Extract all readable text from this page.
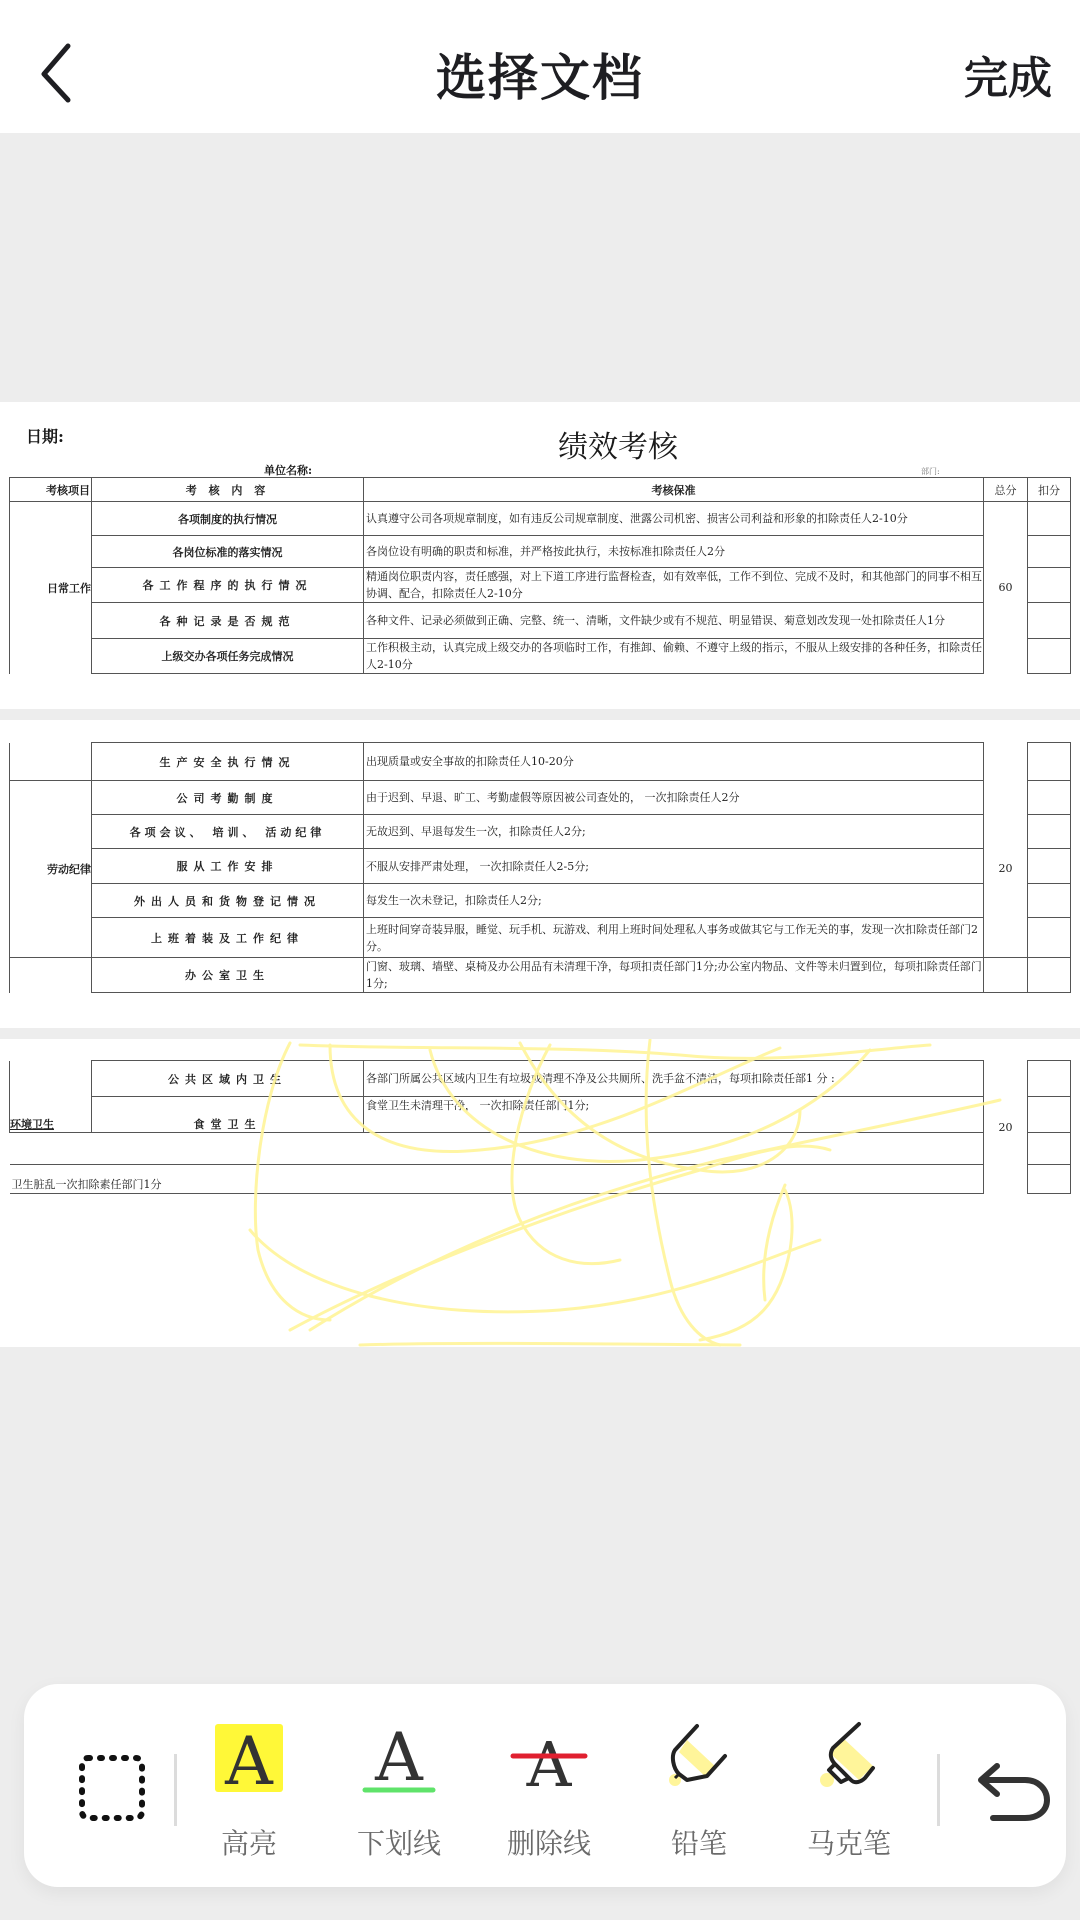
选择文档	完成
日期:	绩效考核
单位名称:	部门:
考核项目	考 核 内 容	考核保准	总分	扣分
日常工作	各项制度的执行情况	认真遵守公司各项规章制度，如有违反公司规章制度、泄露公司机密、损害公司利益和形象的扣除责任人2-10分	60	
	各岗位标准的落实情况	各岗位设有明确的职责和标准，并严格按此执行，未按标准扣除责任人2分		
	各工作程序的执行情况	精通岗位职责内容，责任感强，对上下道工序进行监督检查，如有效率低，工作不到位、完成不及时，和其他部门的同事不相互协调、配合，扣除责任人2-10分		
	各种记录是否规范	各种文件、记录必须做到正确、完整、统一、清晰，文件缺少或有不规范、明显错误、菊意划改发现一处扣除责任人1分		
	上级交办各项任务完成情况	工作积极主动，认真完成上级交办的各项临时工作，有推卸、偷赖、不遵守上级的指示，不服从上级安排的各种任务，扣除责任人2-10分		
	生产安全执行情况	出现质量或安全事故的扣除责任人10-20分		
劳动纪律	公司考勤制度	由于迟到、早退、旷工、考勤虚假等原因被公司查处的， 一次扣除责任人2分	20	
	各项会议、 培训、 活动纪律	无故迟到、早退每发生一次，扣除责任人2分;		
	服从工作安排	不服从安排严肃处理， 一次扣除责任人2-5分;		
	外出人员和货物登记情况	每发生一次未登记，扣除责任人2分;		
	上班着装及工作纪律	上班时间穿奇装异服，睡觉、玩手机、玩游戏、利用上班时间处理私人事务或做其它与工作无关的事，发现一次扣除责任部门2分。		
	办公室卫生	门窗、玻璃、墙壁、桌椅及办公用品有未清理干净，每项扣责任部门1分;办公室内物品、文件等未归置到位，每项扣除责任部门1分;		
环境卫生	公共区域内卫生	各部门所属公共区域内卫生有垃圾或清理不净及公共厕所、洗手盆不清洁，每项扣除责任部1 分 :	20	
	食堂卫生	食堂卫生未清理干净， 一次扣除责任部门1分;		

卫生脏乱一次扣除素任部门1分				
A
高亮
A
下划线
A
删除线	铅笔	马克笔
